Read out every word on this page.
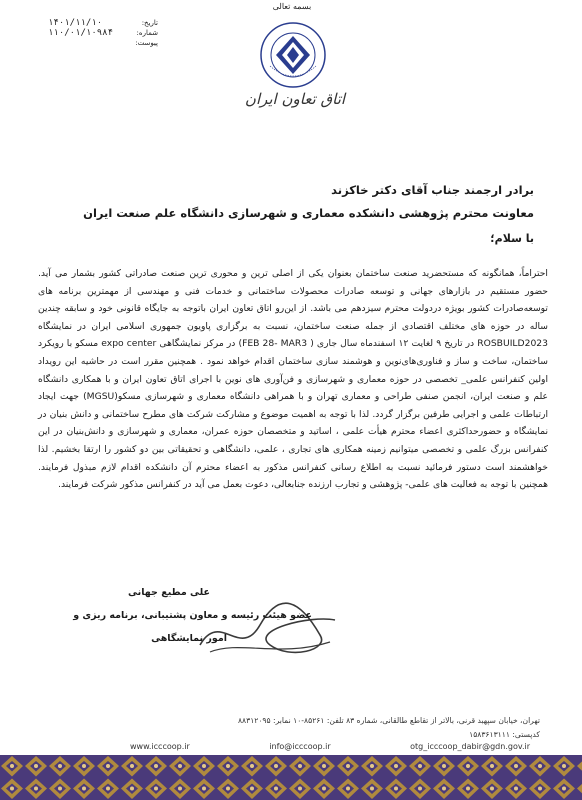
تاریخ:
۱۴۰۱/۱۱/۱۰
شماره:
۱۱۰/۰۱/۱۰۹۸۴
پیوست:
بسمه تعالی
اتاق تعاون ایران
برادر ارجمند جناب آقای دکتر خاکزند
معاونت محترم پژوهشی دانشکده معماری و شهرسازی دانشگاه علم صنعت ایران
با سلام؛
احتراماً، همانگونه که مستحضرید صنعت ساختمان بعنوان یکی از اصلی ترین و محوری ترین صنعت صادراتی کشور بشمار می آید. حضور مستقیم در بازارهای جهانی و توسعه صادرات محصولات ساختمانی و خدمات فنی و مهندسی از مهمترین برنامه های توسعه‌صادرات کشور بویژه دردولت محترم سیزدهم می باشد. از این‌رو اتاق تعاون ایران باتوجه به جایگاه قانونی خود و سابقه چندین ساله در حوزه های مختلف اقتصادی از جمله صنعت ساختمان، نسبت به برگزاری پاویون جمهوری اسلامی ایران در نمایشگاه ROSBUILD2023 در تاریخ ۹ لغایت ۱۲ اسفندماه سال جاری ( FEB 28- MAR3) در مرکز نمایشگاهی expo center مسکو با رویکرد ساختمان، ساخت و ساز و فناوری‌های‌نوین و هوشمند سازی ساختمان اقدام خواهد نمود . همچنین مقرر است در حاشیه این رویداد اولین کنفرانس علمی_ تخصصی در حوزه معماری و شهرسازی و فن‌آوری های نوین با اجرای اتاق تعاون ایران و با همکاری دانشگاه علم و صنعت ایران، انجمن صنفی طراحی و معماری تهران و با همراهی دانشگاه معماری و شهرسازی مسکو(MGSU) جهت ایجاد ارتباطات علمی و اجرایی طرفین برگزار گردد. لذا با توجه به اهمیت موضوع و مشارکت شرکت های مطرح ساختمانی و دانش بنیان در نمایشگاه و حضورحداکثری اعضاء محترم هیأت علمی ، اساتید و متخصصان حوزه عمران، معماری و شهرسازی و دانش‌بنیان در این کنفرانس بزرگ علمی و تخصصی میتوانیم زمینه همکاری های تجاری ، علمی، دانشگاهی و تحقیقاتی بین دو کشور را ارتقا بخشیم. لذا خواهشمند است دستور فرمائید نسبت به اطلاع رسانی کنفرانس مذکور به اعضاء محترم آن دانشکده اقدام لازم مبذول فرمایند. همچنین با توجه به فعالیت های علمی- پژوهشی و تجارب ارزنده جنابعالی، دعوت بعمل می آید در کنفرانس مذکور شرکت فرمایند.
علی مطیع جهانی
عضو هیئت رئیسه و معاون پشتیبانی، برنامه ریزی و
امور نمایشگاهی
تهران، خیابان سپهبد قرنی، بالاتر از تقاطع طالقانی، شماره ۸۳ تلفن: ۸۵۲۶۱-۱۰ نمابر: ۸۸۳۱۲۰۹۵
کدپستی: ۱۵۸۳۶۱۳۱۱۱
www.icccoop.ir	info@icccoop.ir	otg_icccoop_dabir@gdn.gov.ir
